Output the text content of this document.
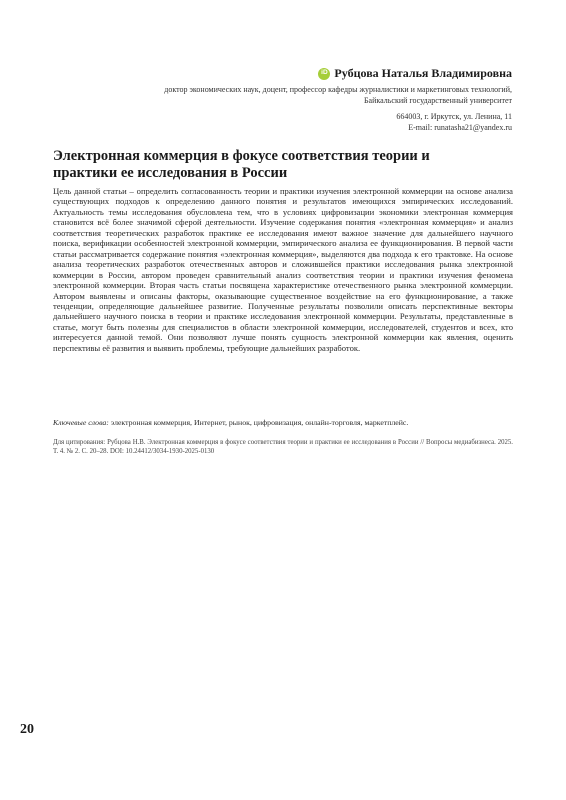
iD Рубцова Наталья Владимировна
доктор экономических наук, доцент, профессор кафедры журналистики и маркетинговых технологий,
Байкальский государственный университет
664003, г. Иркутск, ул. Ленина, 11
E-mail: runatasha21@yandex.ru
Электронная коммерция в фокусе соответствия теории и практики ее исследования в России

Цель данной статьи – определить согласованность теории и практики изучения электронной коммерции на основе анализа существующих подходов к определению данного понятия и результатов имеющихся эмпирических исследований. Актуальность темы исследования обусловлена тем, что в условиях цифровизации экономики электронная коммерция становится всё более значимой сферой деятельности. Изучение содержания понятия «электронная коммерция» и анализ соответствия теоретических разработок практике ее исследования имеют важное значение для дальнейшего научного поиска, верификации особенностей электронной коммерции, эмпирического анализа ее функционирования. В первой части статьи рассматривается содержание понятия «электронная коммерция», выделяются два подхода к его трактовке. На основе анализа теоретических разработок отечественных авторов и сложившейся практики исследования рынка электронной коммерции в России, автором проведен сравнительный анализ соответствия теории и практики изучения феномена электронной коммерции. Вторая часть статьи посвящена характеристике отечественного рынка электронной коммерции. Автором выявлены и описаны факторы, оказывающие существенное воздействие на его функционирование, а также тенденции, определяющие дальнейшее развитие. Полученные результаты позволили описать перспективные векторы дальнейшего научного поиска в теории и практике исследования электронной коммерции. Результаты, представленные в статье, могут быть полезны для специалистов в области электронной коммерции, исследователей, студентов и всех, кто интересуется данной темой. Они позволяют лучше понять сущность электронной коммерции как явления, оценить перспективы её развития и выявить проблемы, требующие дальнейших разработок.

Ключевые слова: электронная коммерция, Интернет, рынок, цифровизация, онлайн-торговля, маркетплейс.

Для цитирования: Рубцова Н.В. Электронная коммерция в фокусе соответствия теории и практики ее исследования в России // Вопросы медиабизнеса. 2025. Т. 4. № 2. С. 20–28. DOI: 10.24412/3034-1930-2025-0130

20
